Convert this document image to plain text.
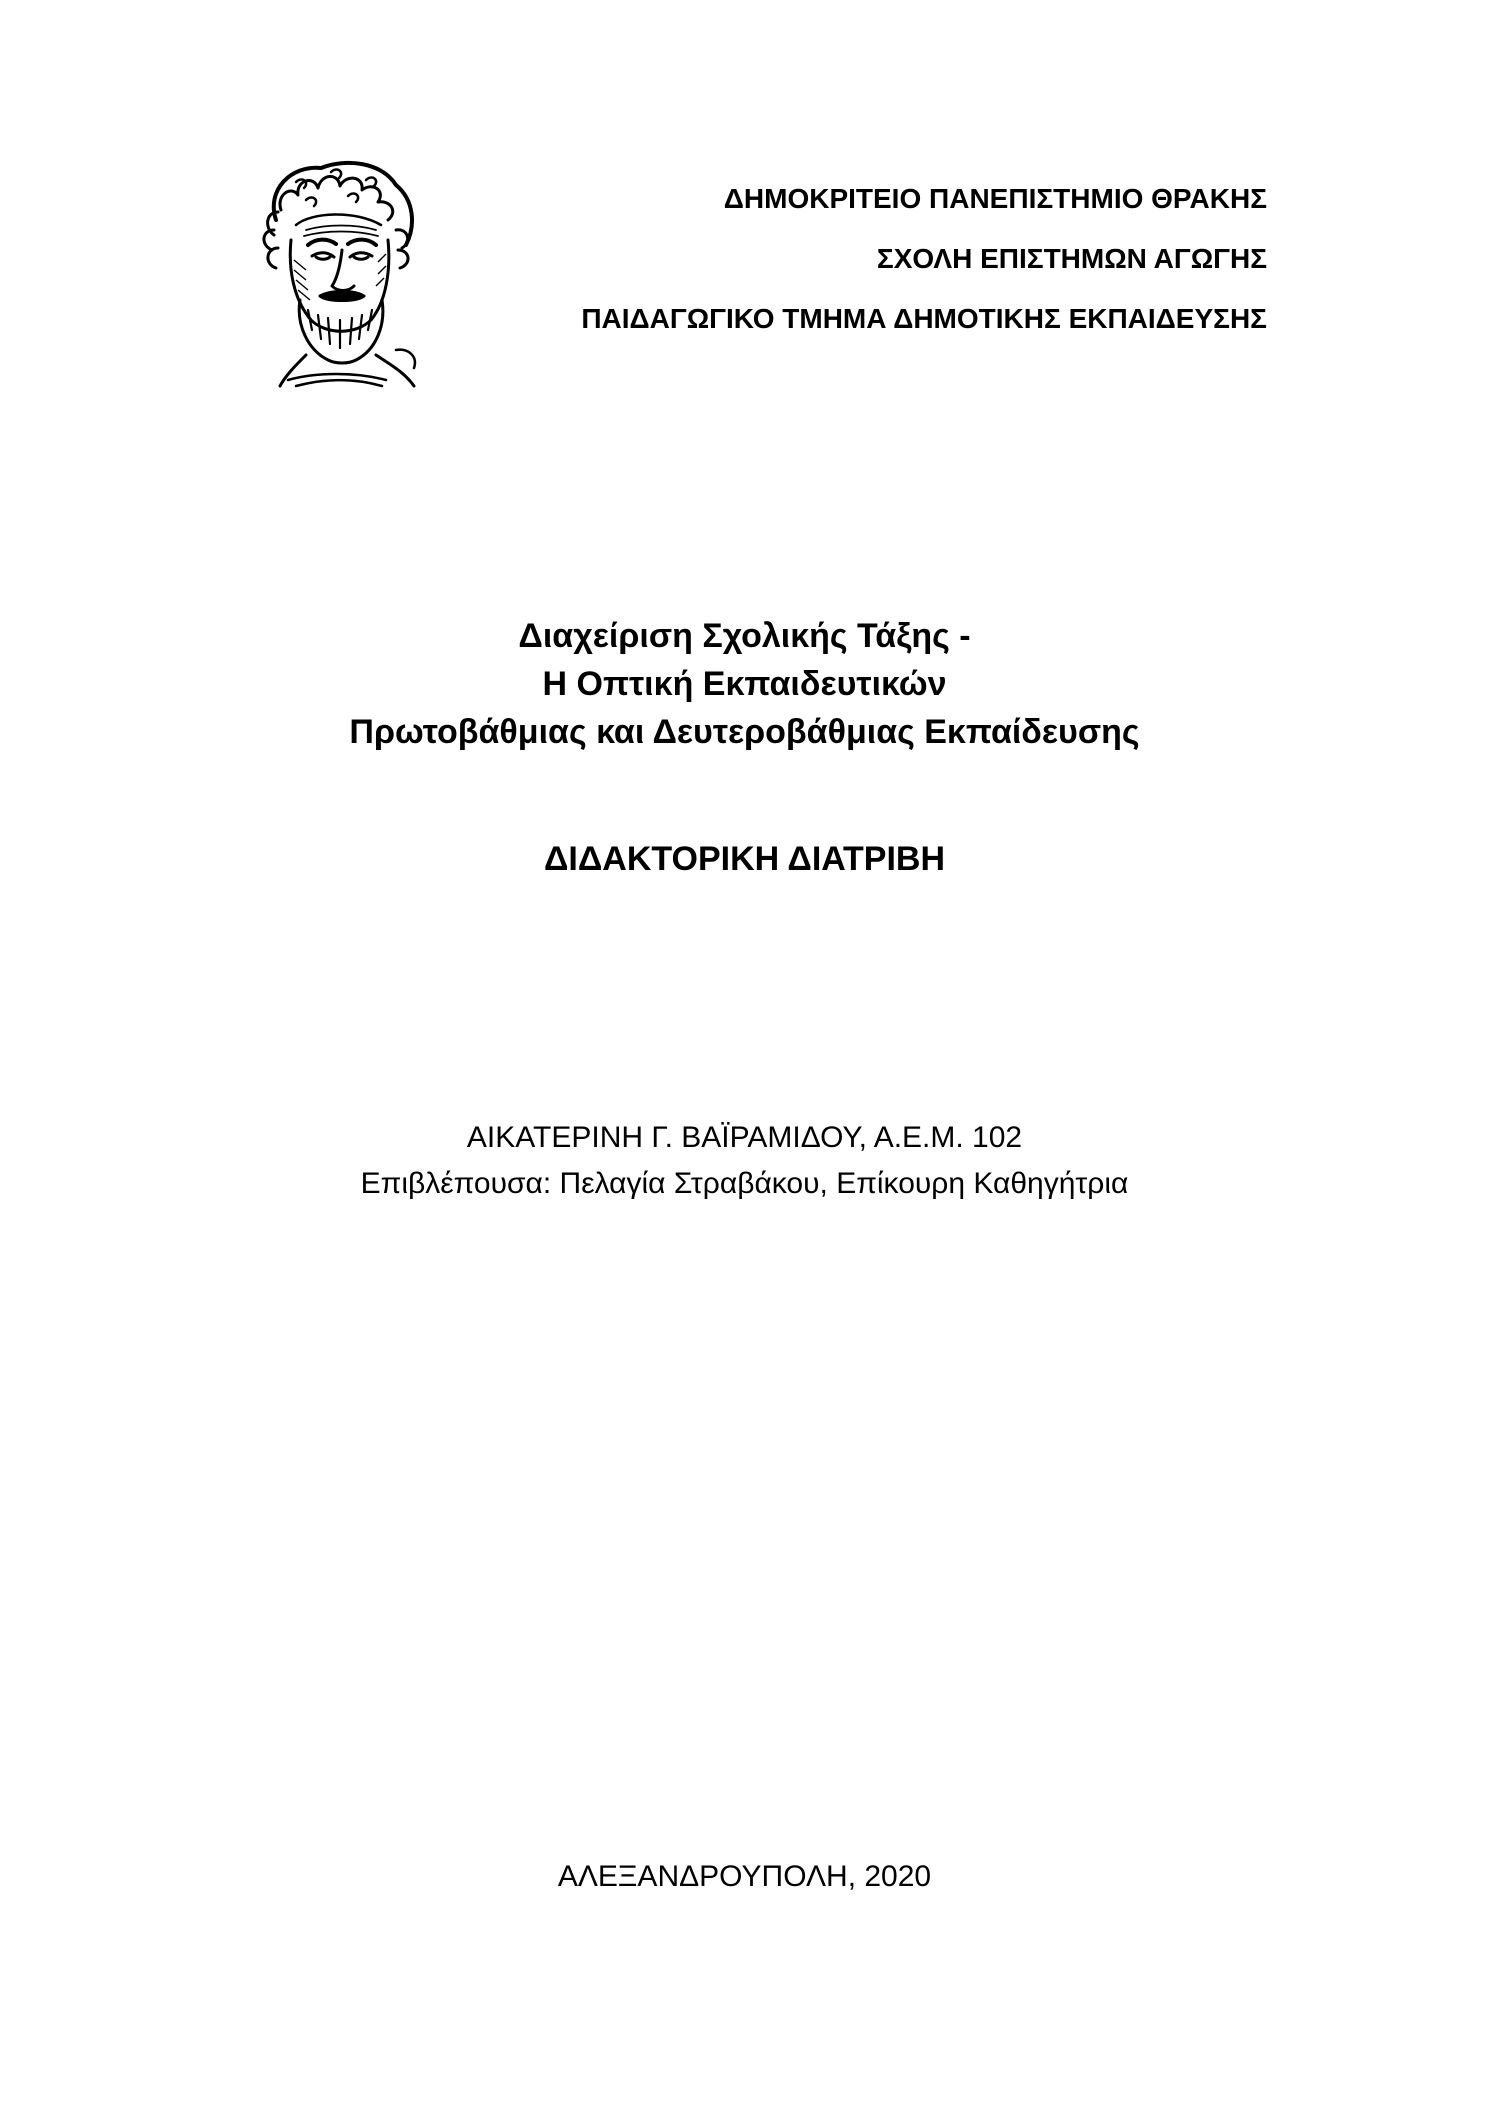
ΔΗΜΟΚΡΙΤΕΙΟ ΠΑΝΕΠΙΣΤΗΜΙΟ ΘΡΑΚΗΣ
ΣΧΟΛΗ ΕΠΙΣΤΗΜΩΝ ΑΓΩΓΗΣ
ΠΑΙΔΑΓΩΓΙΚΟ ΤΜΗΜΑ ΔΗΜΟΤΙΚΗΣ ΕΚΠΑΙΔΕΥΣΗΣ
Διαχείριση Σχολικής Τάξης -
Η Οπτική Εκπαιδευτικών
Πρωτοβάθμιας και Δευτεροβάθμιας Εκπαίδευσης
ΔΙΔΑΚΤΟΡΙΚΗ ΔΙΑΤΡΙΒΗ
ΑΙΚΑΤΕΡΙΝΗ Γ. ΒΑΪΡΑΜΙΔΟΥ, Α.Ε.Μ. 102
Επιβλέπουσα: Πελαγία Στραβάκου, Επίκουρη Καθηγήτρια
ΑΛΕΞΑΝΔΡΟΥΠΟΛΗ, 2020
